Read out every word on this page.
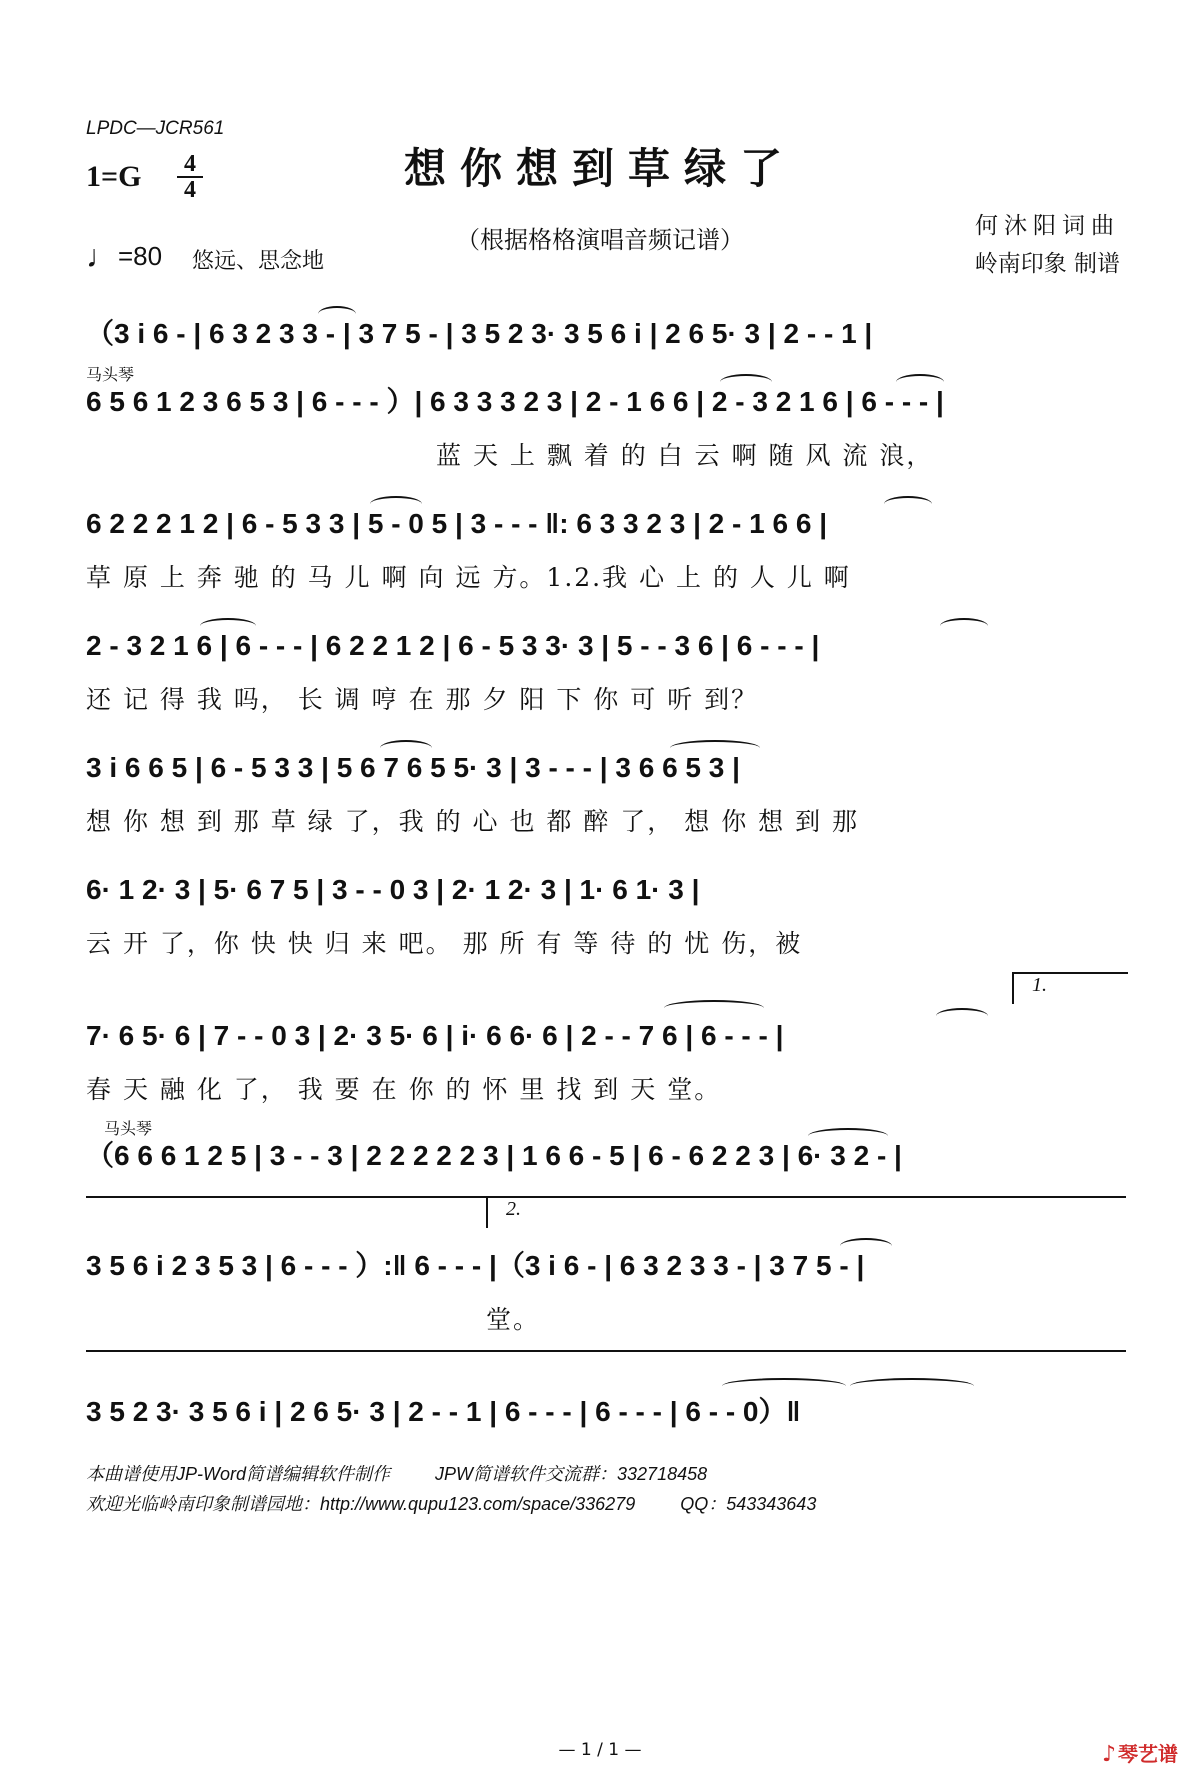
LPDC—JCR561
1=G 4
4
♩=80 悠远、思念地
想你想到草绿了
（根据格格演唱音频记谱）	何沐阳词曲
岭南印象 制谱
（3 i 6 - | 6 3 2 3 3 - | 3 7 5 - | 3 5 2 3· 3 5 6 i | 2 6 5· 3 | 2 - - 1 |
马头琴
6 5 6 1 2 3 6 5 3 | 6 - - - ）| 6 3 3 3 2 3 | 2 - 1 6 6 | 2 - 3 2 1 6 | 6 - - - |
蓝 天 上 飘 着 的 白 云 啊 随 风 流 浪，
6 2 2 2 1 2 | 6 - 5 3 3 | 5 - 0 5 | 3 - - - ‖: 6 3 3 2 3 | 2 - 1 6 6 |
草 原 上 奔 驰 的 马 儿 啊 向 远 方。1.2.我 心 上 的 人 儿 啊
2 - 3 2 1 6 | 6 - - - | 6 2 2 1 2 | 6 - 5 3 3· 3 | 5 - - 3 6 | 6 - - - |
还 记 得 我 吗， 长 调 哼 在 那 夕 阳 下 你 可 听 到？
3 i 6 6 5 | 6 - 5 3 3 | 5 6 7 6 5 5· 3 | 3 - - - | 3 6 6 5 3 |
想 你 想 到 那 草 绿 了，我 的 心 也 都 醉 了， 想 你 想 到 那
6· 1 2· 3 | 5· 6 7 5 | 3 - - 0 3 | 2· 1 2· 3 | 1· 6 1· 3 |
云 开 了，你 快 快 归 来 吧。 那 所 有 等 待 的 忧 伤，被
1.
7· 6 5· 6 | 7 - - 0 3 | 2· 3 5· 6 | i· 6 6· 6 | 2 - - 7 6 | 6 - - - |
春 天 融 化 了， 我 要 在 你 的 怀 里 找 到 天 堂。
马头琴
（6 6 6 1 2 5 | 3 - - 3 | 2 2 2 2 2 3 | 1 6 6 - 5 | 6 - 6 2 2 3 | 6· 3 2 - |
2.
3 5 6 i 2 3 5 3 | 6 - - - ）:‖ 6 - - - |（3 i 6 - | 6 3 2 3 3 - | 3 7 5 - |
堂。
3 5 2 3· 3 5 6 i | 2 6 5· 3 | 2 - - 1 | 6 - - - | 6 - - - | 6 - - 0）‖
本曲谱使用JP-Word简谱编辑软件制作	JPW简谱软件交流群：332718458
欢迎光临岭南印象制谱园地：http://www.qupu123.com/space/336279	QQ：543343643
— 1 / 1 —	♪ 琴艺谱
